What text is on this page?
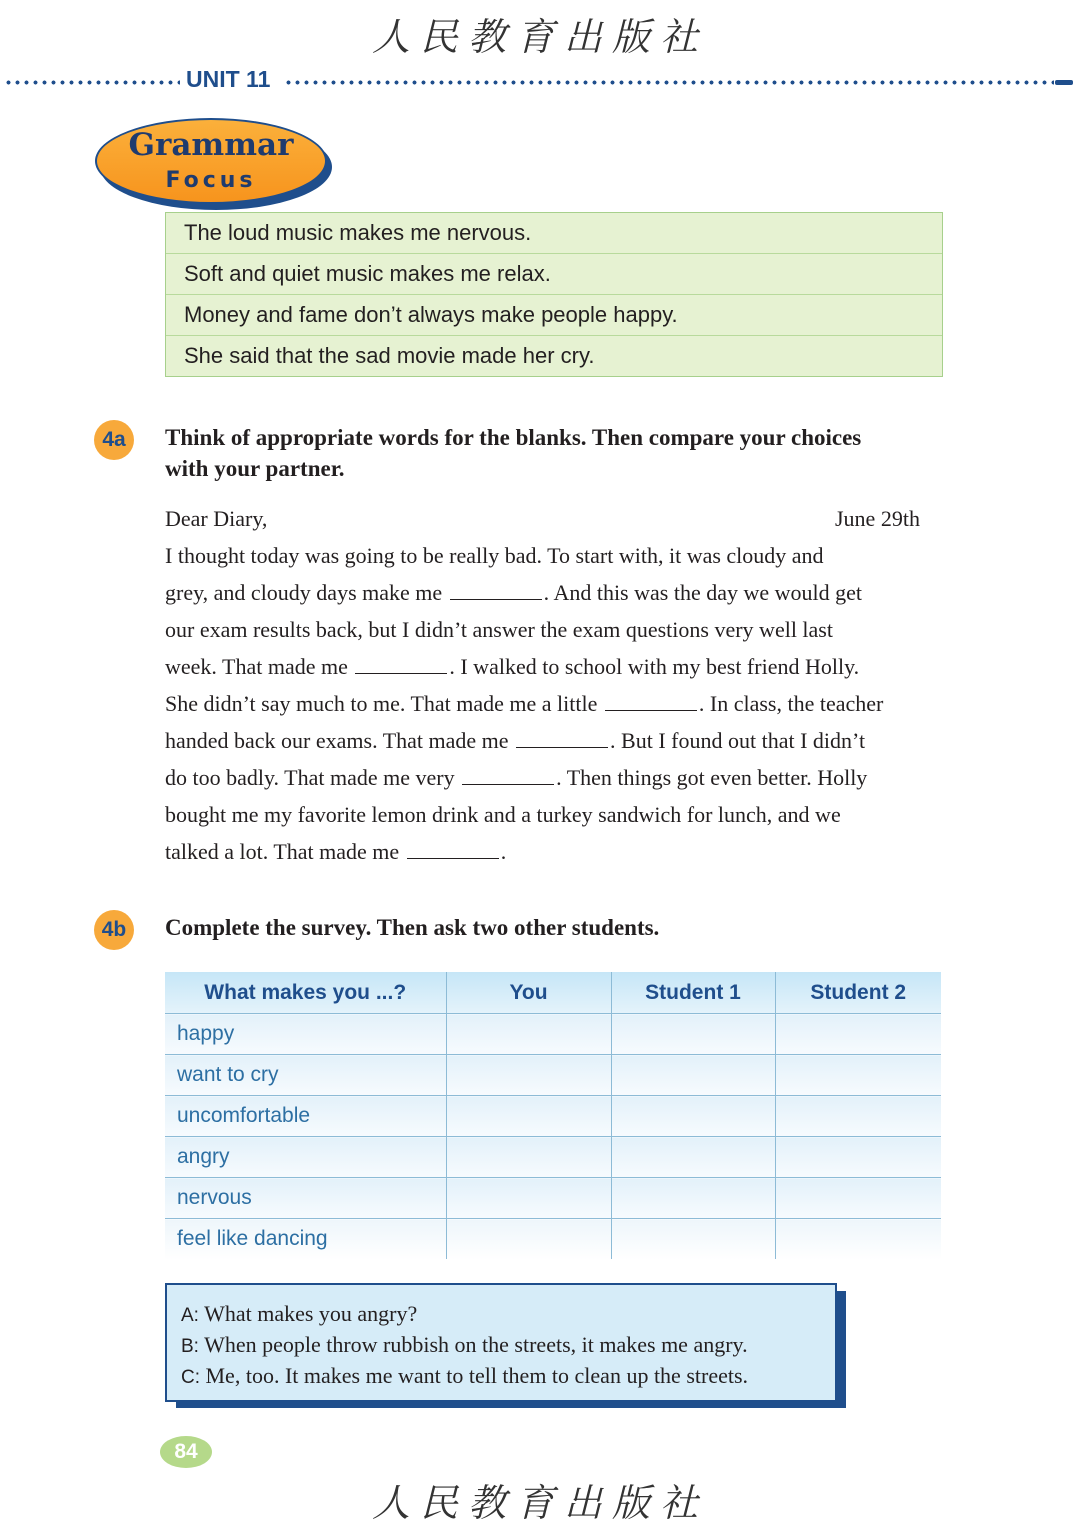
人民教育出版社
UNIT 11
Grammar
Focus
The loud music makes me nervous.
Soft and quiet music makes me relax.
Money and fame don’t always make people happy.
She said that the sad movie made her cry.
4a	Think of appropriate words for the blanks. Then compare your choices
with your partner.
Dear Diary,	June 29th
I thought today was going to be really bad. To start with, it was cloudy and
grey, and cloudy days make me	. And this was the day we would get
our exam results back, but I didn’t answer the exam questions very well last
week. That made me	. I walked to school with my best friend Holly.
She didn’t say much to me. That made me a little	. In class, the teacher
handed back our exams. That made me	. But I found out that I didn’t
do too badly. That made me very	. Then things got even better. Holly
bought me my favorite lemon drink and a turkey sandwich for lunch, and we
talked a lot. That made me	.
4b	Complete the survey. Then ask two other students.
What makes you ...?	You	Student 1	Student 2
happy			
want to cry			
uncomfortable			
angry			
nervous			
feel like dancing			
A: What makes you angry?
B: When people throw rubbish on the streets, it makes me angry.
C: Me, too. It makes me want to tell them to clean up the streets.
84
人民教育出版社
